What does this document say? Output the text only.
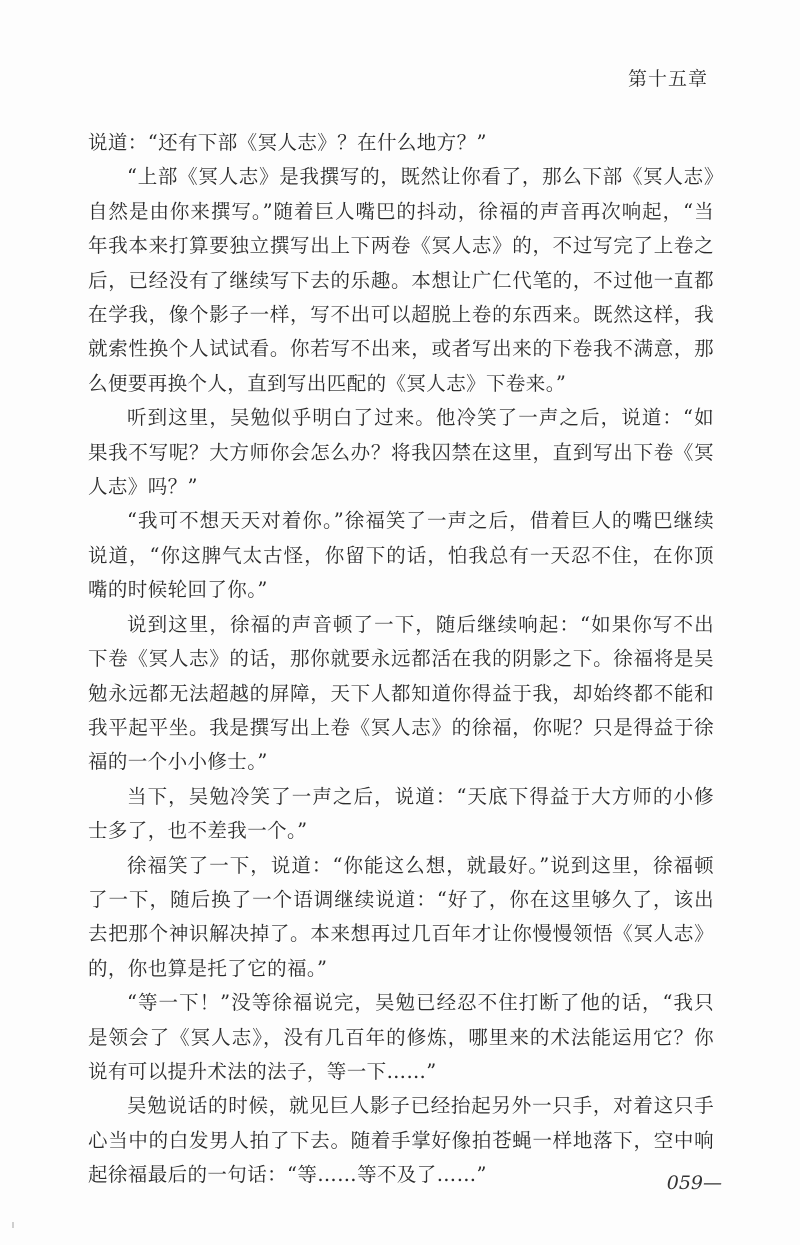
第十五章

说道：“还有下部《冥人志》？在什么地方？”

“上部《冥人志》是我撰写的，既然让你看了，那么下部《冥人志》自然是由你来撰写。”随着巨人嘴巴的抖动，徐福的声音再次响起，“当年我本来打算要独立撰写出上下两卷《冥人志》的，不过写完了上卷之后，已经没有了继续写下去的乐趣。本想让广仁代笔的，不过他一直都在学我，像个影子一样，写不出可以超脱上卷的东西来。既然这样，我就索性换个人试试看。你若写不出来，或者写出来的下卷我不满意，那么便要再换个人，直到写出匹配的《冥人志》下卷来。”

听到这里，吴勉似乎明白了过来。他冷笑了一声之后，说道：“如果我不写呢？大方师你会怎么办？将我囚禁在这里，直到写出下卷《冥人志》吗？”

“我可不想天天对着你。”徐福笑了一声之后，借着巨人的嘴巴继续说道，“你这脾气太古怪，你留下的话，怕我总有一天忍不住，在你顶嘴的时候轮回了你。”

说到这里，徐福的声音顿了一下，随后继续响起：“如果你写不出下卷《冥人志》的话，那你就要永远都活在我的阴影之下。徐福将是吴勉永远都无法超越的屏障，天下人都知道你得益于我，却始终都不能和我平起平坐。我是撰写出上卷《冥人志》的徐福，你呢？只是得益于徐福的一个小小修士。”

当下，吴勉冷笑了一声之后，说道：“天底下得益于大方师的小修士多了，也不差我一个。”

徐福笑了一下，说道：“你能这么想，就最好。”说到这里，徐福顿了一下，随后换了一个语调继续说道：“好了，你在这里够久了，该出去把那个神识解决掉了。本来想再过几百年才让你慢慢领悟《冥人志》的，你也算是托了它的福。”

“等一下！”没等徐福说完，吴勉已经忍不住打断了他的话，“我只是领会了《冥人志》，没有几百年的修炼，哪里来的术法能运用它？你说有可以提升术法的法子，等一下……”

吴勉说话的时候，就见巨人影子已经抬起另外一只手，对着这只手心当中的白发男人拍了下去。随着手掌好像拍苍蝇一样地落下，空中响起徐福最后的一句话：“等……等不及了……”	059—
